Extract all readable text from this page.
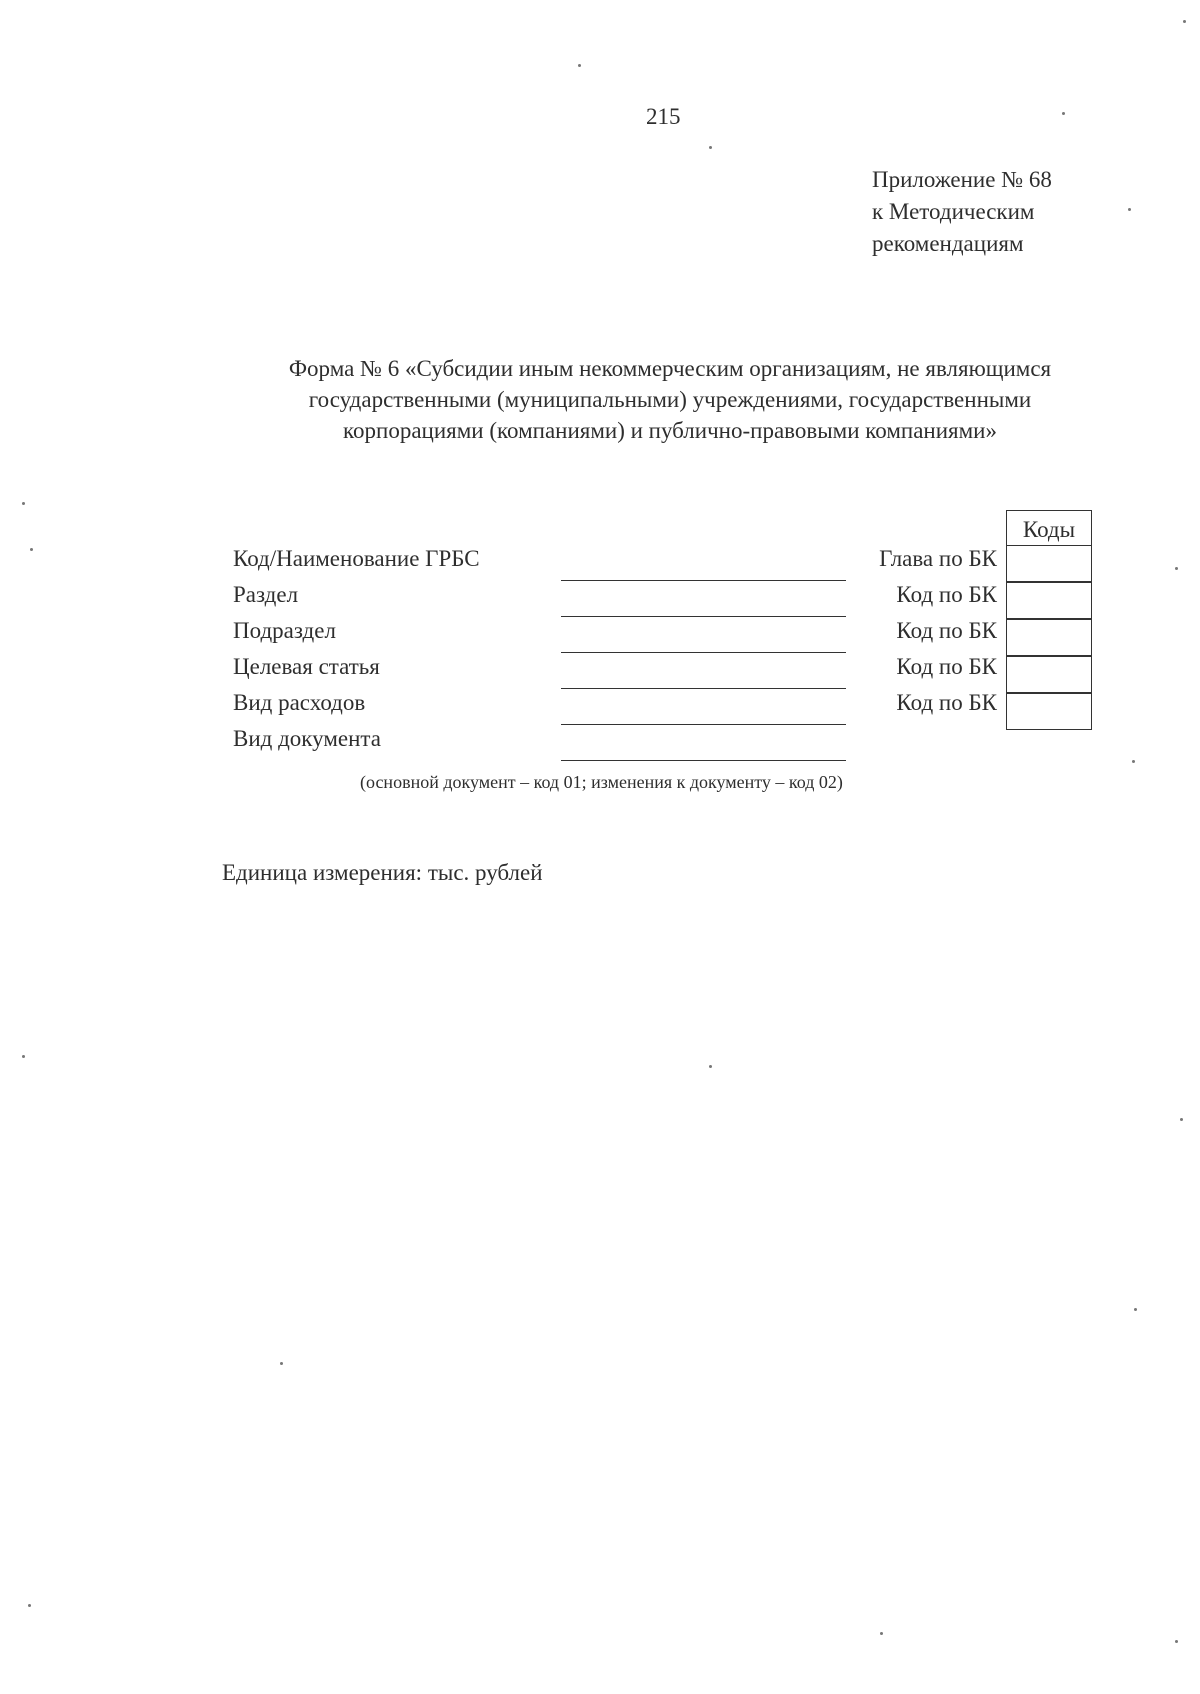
215
Приложение № 68
к Методическим
рекомендациям
Форма № 6 «Субсидии иным некоммерческим организациям, не являющимся
государственными (муниципальными) учреждениями, государственными
корпорациями (компаниями) и публично-правовыми компаниями»
Коды
Код/Наименование ГРБС	Глава по БК
Раздел	Код по БК
Подраздел	Код по БК
Целевая статья	Код по БК
Вид расходов	Код по БК
Вид документа
(основной документ – код 01; изменения к документу – код 02)
Единица измерения: тыс. рублей
